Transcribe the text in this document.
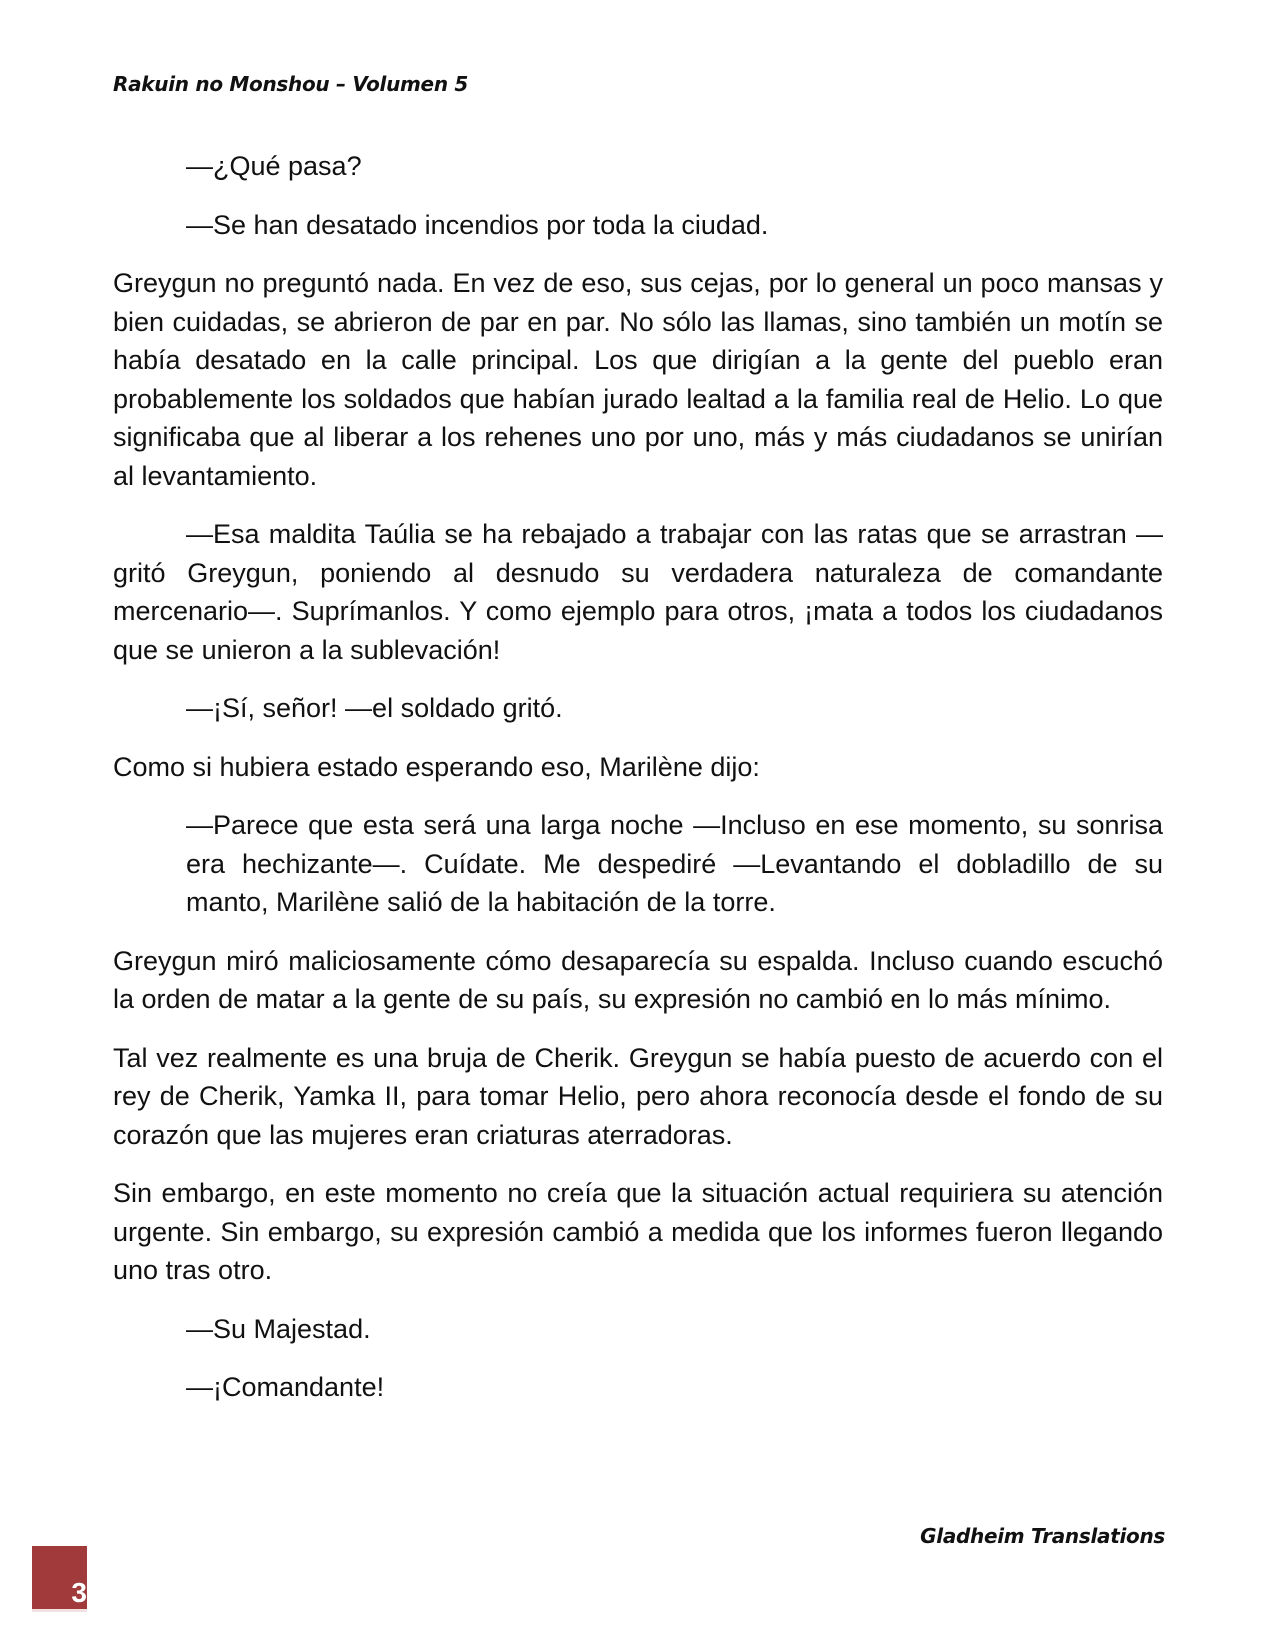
Rakuin no Monshou – Volumen 5

—¿Qué pasa?

—Se han desatado incendios por toda la ciudad.

Greygun no preguntó nada. En vez de eso, sus cejas, por lo general un poco mansas y bien cuidadas, se abrieron de par en par. No sólo las llamas, sino también un motín se había desatado en la calle principal. Los que dirigían a la gente del pueblo eran probablemente los soldados que habían jurado lealtad a la familia real de Helio. Lo que significaba que al liberar a los rehenes uno por uno, más y más ciudadanos se unirían al levantamiento.

—Esa maldita Taúlia se ha rebajado a trabajar con las ratas que se arrastran —gritó Greygun, poniendo al desnudo su verdadera naturaleza de comandante mercenario—. Suprímanlos. Y como ejemplo para otros, ¡mata a todos los ciudadanos que se unieron a la sublevación!

—¡Sí, señor! —el soldado gritó.

Como si hubiera estado esperando eso, Marilène dijo:

—Parece que esta será una larga noche —Incluso en ese momento, su sonrisa era hechizante—. Cuídate. Me despediré —Levantando el dobladillo de su manto, Marilène salió de la habitación de la torre.

Greygun miró maliciosamente cómo desaparecía su espalda. Incluso cuando escuchó la orden de matar a la gente de su país, su expresión no cambió en lo más mínimo.

Tal vez realmente es una bruja de Cherik. Greygun se había puesto de acuerdo con el rey de Cherik, Yamka II, para tomar Helio, pero ahora reconocía desde el fondo de su corazón que las mujeres eran criaturas aterradoras.

Sin embargo, en este momento no creía que la situación actual requiriera su atención urgente. Sin embargo, su expresión cambió a medida que los informes fueron llegando uno tras otro.

—Su Majestad.

—¡Comandante!

Gladheim Translations
3
